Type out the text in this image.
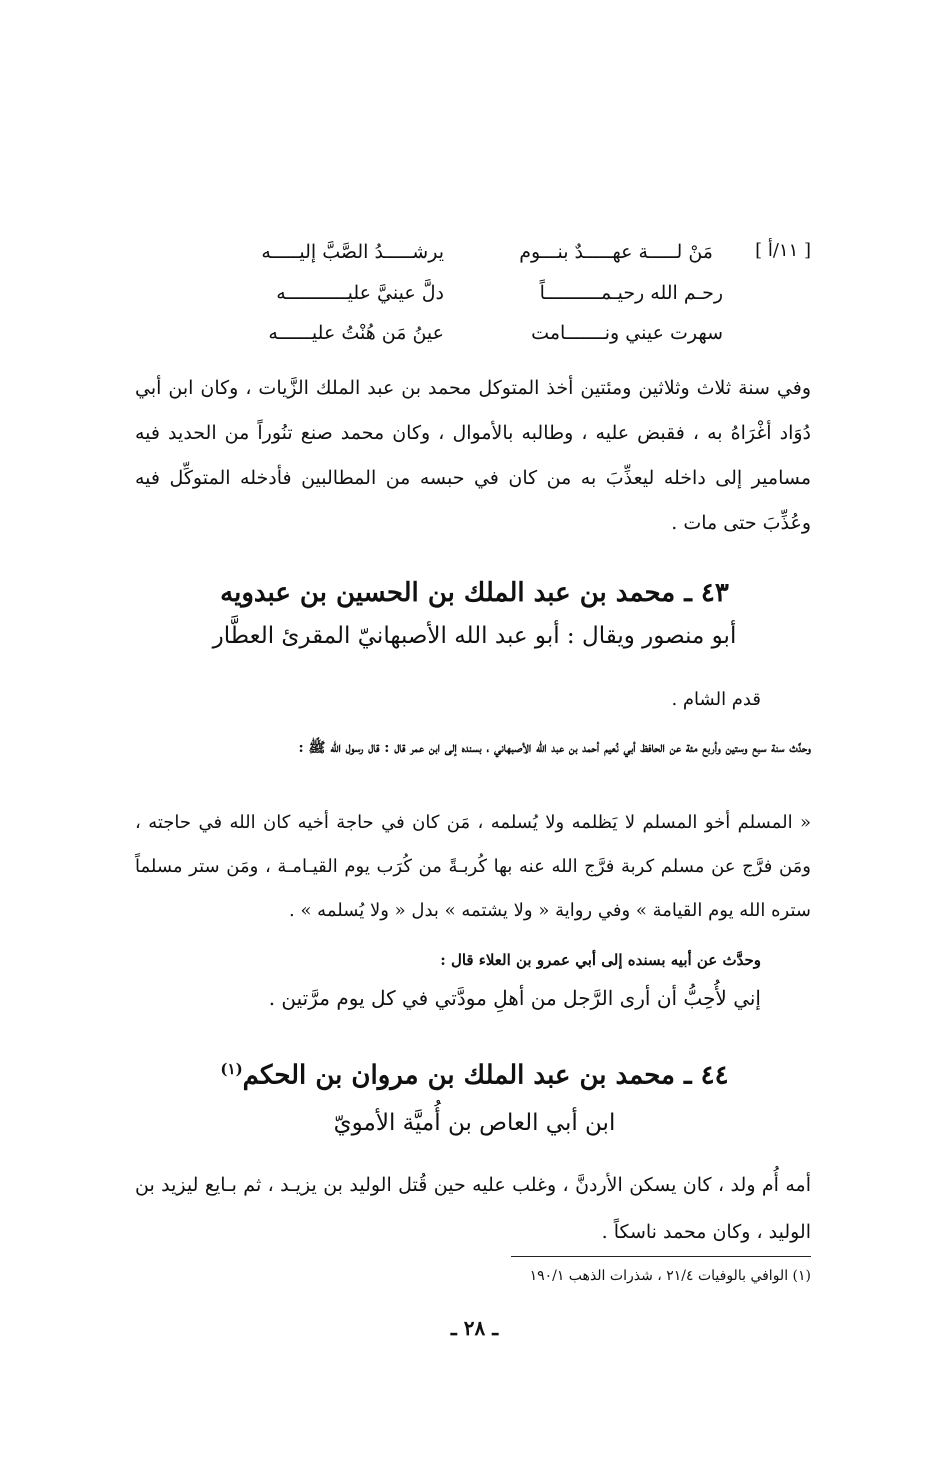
[ ١١/أ ]
مَنْ لـــــة عهـــــدٌ بنـــوم
يرشـــــدُ الصَّبَّ إليـــــه
رحـم الله رحيـمــــــــــاً
دلَّ عينيَّ عليـــــــــــه
سهرت عيني ونـــــــامت
عينُ مَن هُنْتُ عليــــــه
وفي سنة ثلاث وثلاثين ومئتين أخذ المتوكل محمد بن عبد الملك الزَّيات ، وكان ابن أبي دُوَاد أغْرَاهُ به ، فقبض عليه ، وطالبه بالأموال ، وكان محمد صنع تنُوراً من الحديد فيه مسامير إلى داخله ليعذِّبَ به من كان في حبسه من المطالبين فأدخله المتوكِّل فيه وعُذِّبَ حتى مات .
٤٣ ـ محمد بن عبد الملك بن الحسين بن عبدويه
أبو منصور ويقال : أبو عبد الله الأصبهانيّ المقرئ العطَّار
قدم الشام .
وحدَّث سنة سبع وستين وأربع مئة عن الحافظ أبي نُعيم أحمد بن عبد الله الأصبهاني ، بسنده إلى ابن عمر قال : قال رسول الله ﷺ :
« المسلم أخو المسلم لا يَظلمه ولا يُسلمه ، مَن كان في حاجة أخيه كان الله في حاجته ، ومَن فرَّج عن مسلم كربة فرَّج الله عنه بها كُربـةً من كُرَب يوم القيـامـة ، ومَن ستر مسلماً ستره الله يوم القيامة » وفي رواية « ولا يشتمه » بدل « ولا يُسلمه » .
وحدَّث عن أبيه بسنده إلى أبي عمرو بن العلاء قال :
إني لأُحِبُّ أن أرى الرَّجل من أهلِ مودَّتي في كل يوم مرَّتين .
٤٤ ـ محمد بن عبد الملك بن مروان بن الحكم$^{(١)}$
ابن أبي العاص بن أُميَّة الأمويّ
أمه أُم ولد ، كان يسكن الأردنَّ ، وغلب عليه حين قُتل الوليد بن يزيـد ، ثم بـايع ليزيد بن الوليد ، وكان محمد ناسكاً .
(١) الوافي بالوفيات ٢١/٤ ، شذرات الذهب ١٩٠/١
ـ ٢٨ ـ
